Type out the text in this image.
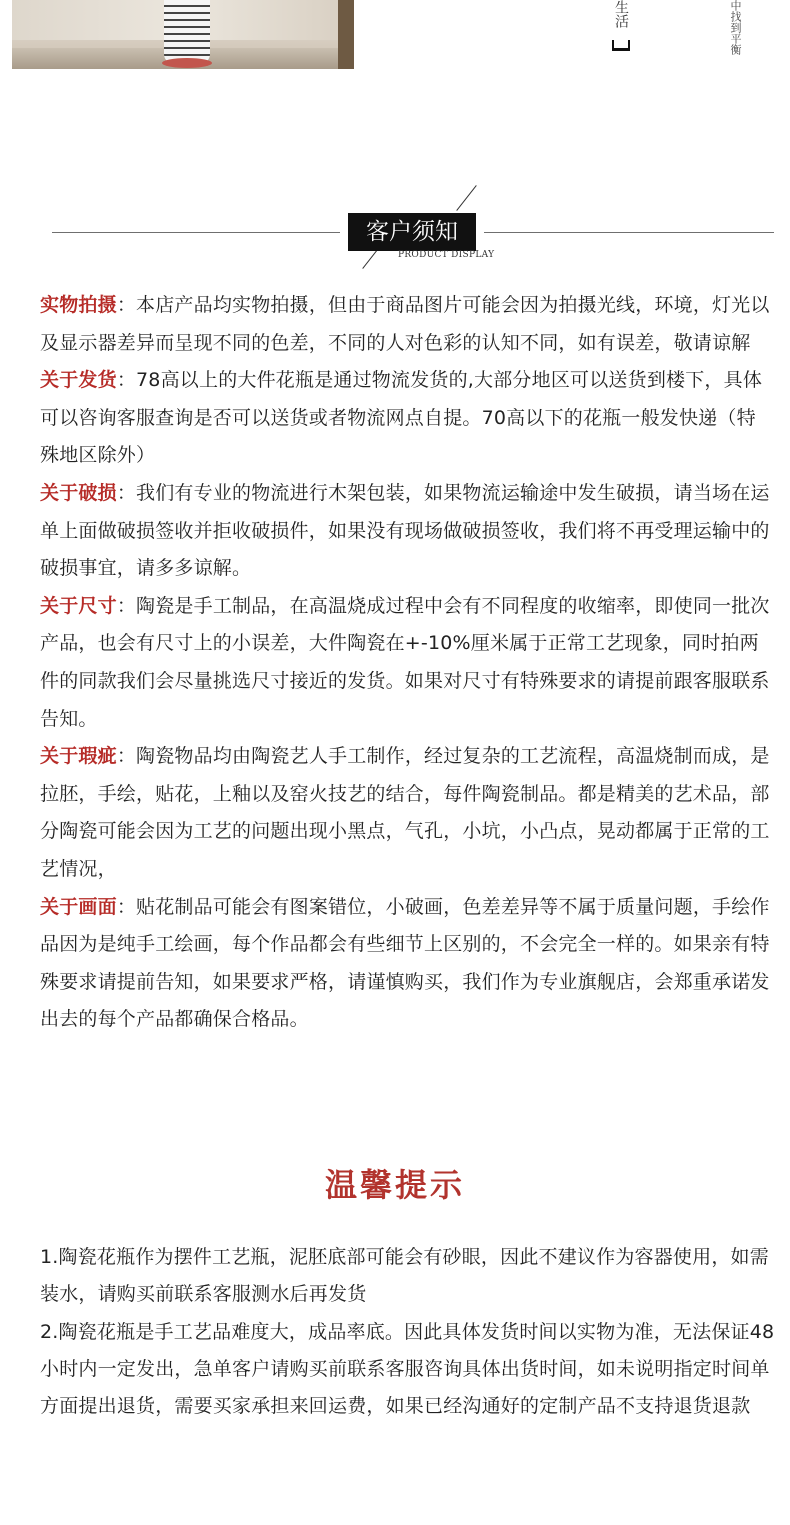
生活	中找到平衡
客户须知
PRODUCT DISPLAY
实物拍摄：本店产品均实物拍摄，但由于商品图片可能会因为拍摄光线，环境，灯光以及显示器差异而呈现不同的色差，不同的人对色彩的认知不同，如有误差，敬请谅解
关于发货：78高以上的大件花瓶是通过物流发货的,大部分地区可以送货到楼下，具体可以咨询客服查询是否可以送货或者物流网点自提。70高以下的花瓶一般发快递（特殊地区除外）
关于破损：我们有专业的物流进行木架包装，如果物流运输途中发生破损，请当场在运单上面做破损签收并拒收破损件，如果没有现场做破损签收，我们将不再受理运输中的破损事宜，请多多谅解。
关于尺寸：陶瓷是手工制品，在高温烧成过程中会有不同程度的收缩率，即使同一批次产品，也会有尺寸上的小误差，大件陶瓷在+-10%厘米属于正常工艺现象，同时拍两件的同款我们会尽量挑选尺寸接近的发货。如果对尺寸有特殊要求的请提前跟客服联系告知。
关于瑕疵：陶瓷物品均由陶瓷艺人手工制作，经过复杂的工艺流程，高温烧制而成，是拉胚，手绘，贴花，上釉以及窑火技艺的结合，每件陶瓷制品。都是精美的艺术品，部分陶瓷可能会因为工艺的问题出现小黑点，气孔，小坑，小凸点，晃动都属于正常的工艺情况，
关于画面：贴花制品可能会有图案错位，小破画，色差差异等不属于质量问题，手绘作品因为是纯手工绘画，每个作品都会有些细节上区别的，不会完全一样的。如果亲有特殊要求请提前告知，如果要求严格，请谨慎购买，我们作为专业旗舰店，会郑重承诺发出去的每个产品都确保合格品。
温馨提示
1.陶瓷花瓶作为摆件工艺瓶，泥胚底部可能会有砂眼，因此不建议作为容器使用，如需装水，请购买前联系客服测水后再发货
2.陶瓷花瓶是手工艺品难度大，成品率底。因此具体发货时间以实物为准，无法保证48小时内一定发出，急单客户请购买前联系客服咨询具体出货时间，如未说明指定时间单方面提出退货，需要买家承担来回运费，如果已经沟通好的定制产品不支持退货退款
